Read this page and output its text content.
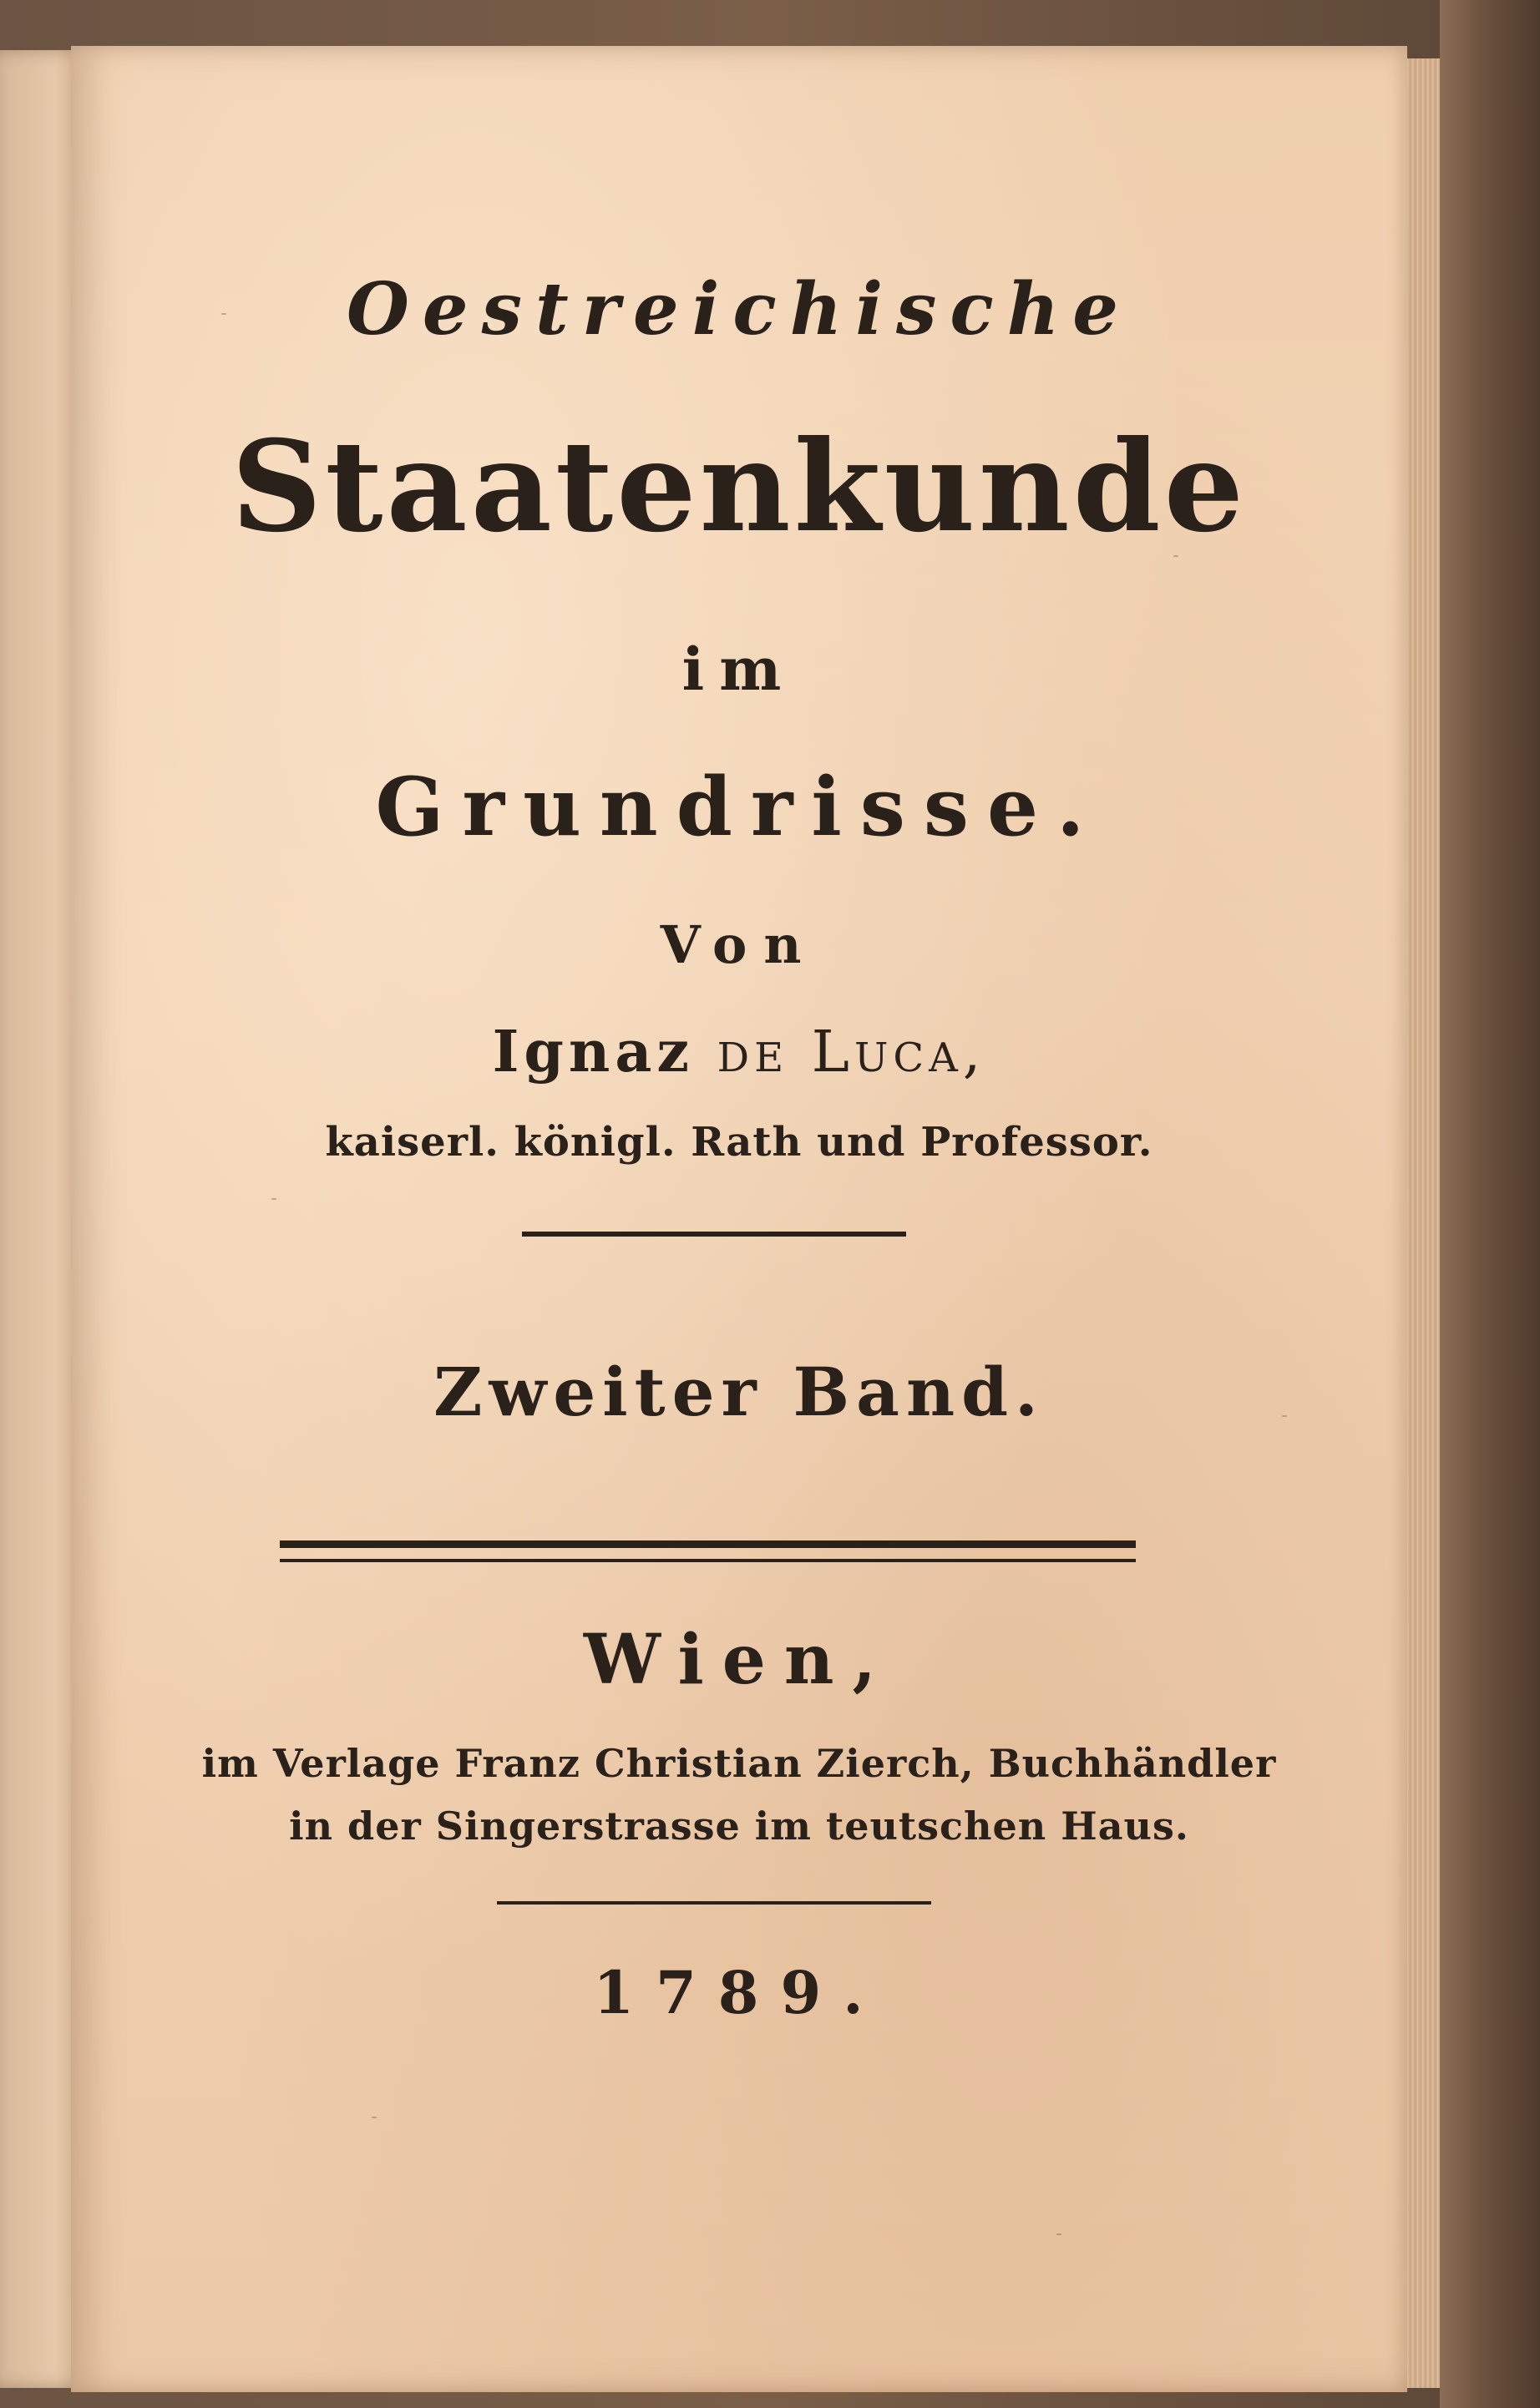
Oestreichische
Staatenkunde
im
Grundrisse.
Von
Ignaz de Luca,
kaiserl. königl. Rath und Professor.
Zweiter Band.
Wien,
im Verlage Franz Christian Zierch, Buchhändler
in der Singerstrasse im teutschen Haus.
1789.
